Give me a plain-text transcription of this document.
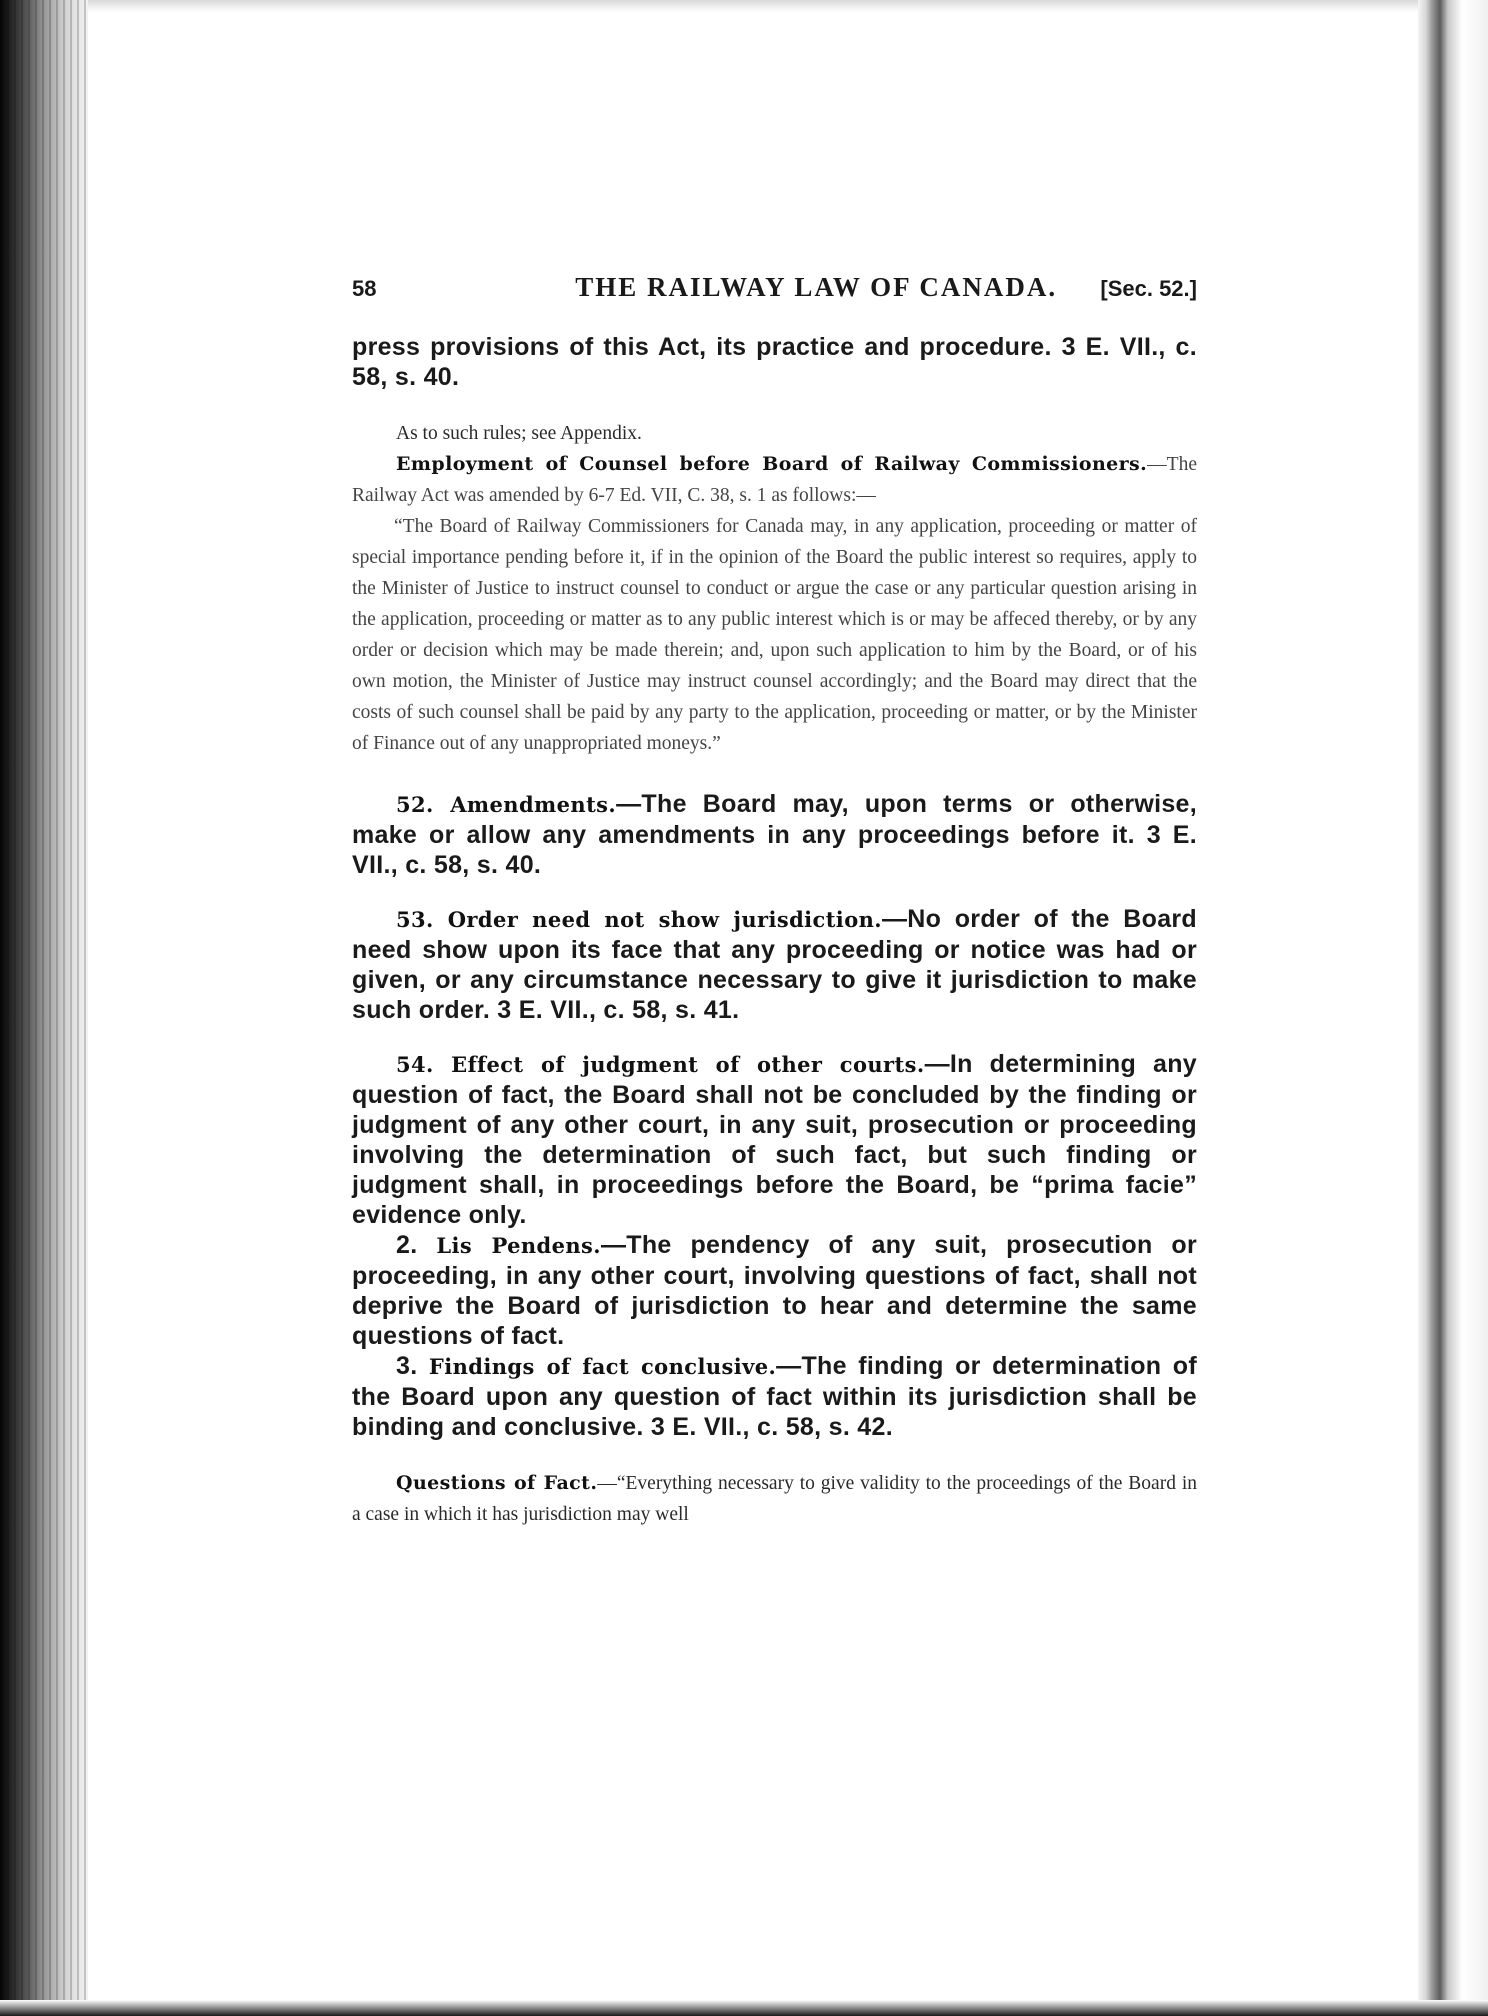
58	THE RAILWAY LAW OF CANADA. [Sec. 52.]

press provisions of this Act, its practice and procedure. 3 E. VII., c. 58, s. 40.

As to such rules; see Appendix.

Employment of Counsel before Board of Railway Commissioners.—The Railway Act was amended by 6-7 Ed. VII, C. 38, s. 1 as follows:—

“The Board of Railway Commissioners for Canada may, in any application, proceeding or matter of special importance pending before it, if in the opinion of the Board the public interest so requires, apply to the Minister of Justice to instruct counsel to conduct or argue the case or any particular question arising in the application, proceeding or matter as to any public interest which is or may be affeced thereby, or by any order or decision which may be made therein; and, upon such application to him by the Board, or of his own motion, the Minister of Justice may instruct counsel accordingly; and the Board may direct that the costs of such counsel shall be paid by any party to the application, proceeding or matter, or by the Minister of Finance out of any unappropriated moneys.”

52. Amendments.—The Board may, upon terms or otherwise, make or allow any amendments in any proceedings before it. 3 E. VII., c. 58, s. 40.

53. Order need not show jurisdiction.—No order of the Board need show upon its face that any proceeding or notice was had or given, or any circumstance necessary to give it jurisdiction to make such order. 3 E. VII., c. 58, s. 41.

54. Effect of judgment of other courts.—In determining any question of fact, the Board shall not be concluded by the finding or judgment of any other court, in any suit, prosecution or proceeding involving the determination of such fact, but such finding or judgment shall, in proceedings before the Board, be “prima facie” evidence only.

2. Lis Pendens.—The pendency of any suit, prosecution or proceeding, in any other court, involving questions of fact, shall not deprive the Board of jurisdiction to hear and determine the same questions of fact.

3. Findings of fact conclusive.—The finding or determination of the Board upon any question of fact within its jurisdiction shall be binding and conclusive. 3 E. VII., c. 58, s. 42.

Questions of Fact.—“Everything necessary to give validity to the proceedings of the Board in a case in which it has jurisdiction may well
